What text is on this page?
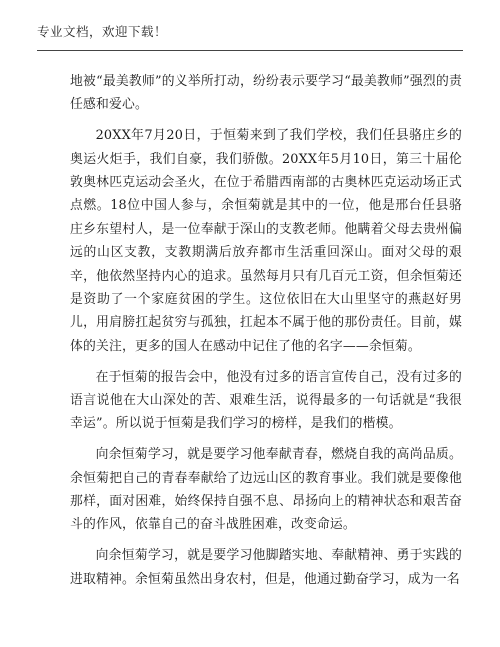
专业文档，欢迎下载！

地被“最美教师”的义举所打动，纷纷表示要学习“最美教师”强烈的责任感和爱心。

20XX年7月20日，于恒菊来到了我们学校，我们任县骆庄乡的奥运火炬手，我们自豪，我们骄傲。20XX年5月10日，第三十届伦敦奥林匹克运动会圣火，在位于希腊西南部的古奥林匹克运动场正式点燃。18位中国人参与，余恒菊就是其中的一位，他是邢台任县骆庄乡东望村人，是一位奉献于深山的支教老师。他瞒着父母去贵州偏远的山区支教，支教期满后放弃都市生活重回深山。面对父母的艰辛，他依然坚持内心的追求。虽然每月只有几百元工资，但余恒菊还是资助了一个家庭贫困的学生。这位依旧在大山里坚守的燕赵好男儿，用肩膀扛起贫穷与孤独，扛起本不属于他的那份责任。目前，媒体的关注，更多的国人在感动中记住了他的名字——余恒菊。

在于恒菊的报告会中，他没有过多的语言宣传自己，没有过多的语言说他在大山深处的苦、艰难生活，说得最多的一句话就是“我很幸运”。所以说于恒菊是我们学习的榜样，是我们的楷模。

向余恒菊学习，就是要学习他奉献青春，燃烧自我的高尚品质。余恒菊把自己的青春奉献给了边远山区的教育事业。我们就是要像他那样，面对困难，始终保持自强不息、昂扬向上的精神状态和艰苦奋斗的作风，依靠自己的奋斗战胜困难，改变命运。

向余恒菊学习，就是要学习他脚踏实地、奉献精神、勇于实践的进取精神。余恒菊虽然出身农村，但是，他通过勤奋学习，成为一名
